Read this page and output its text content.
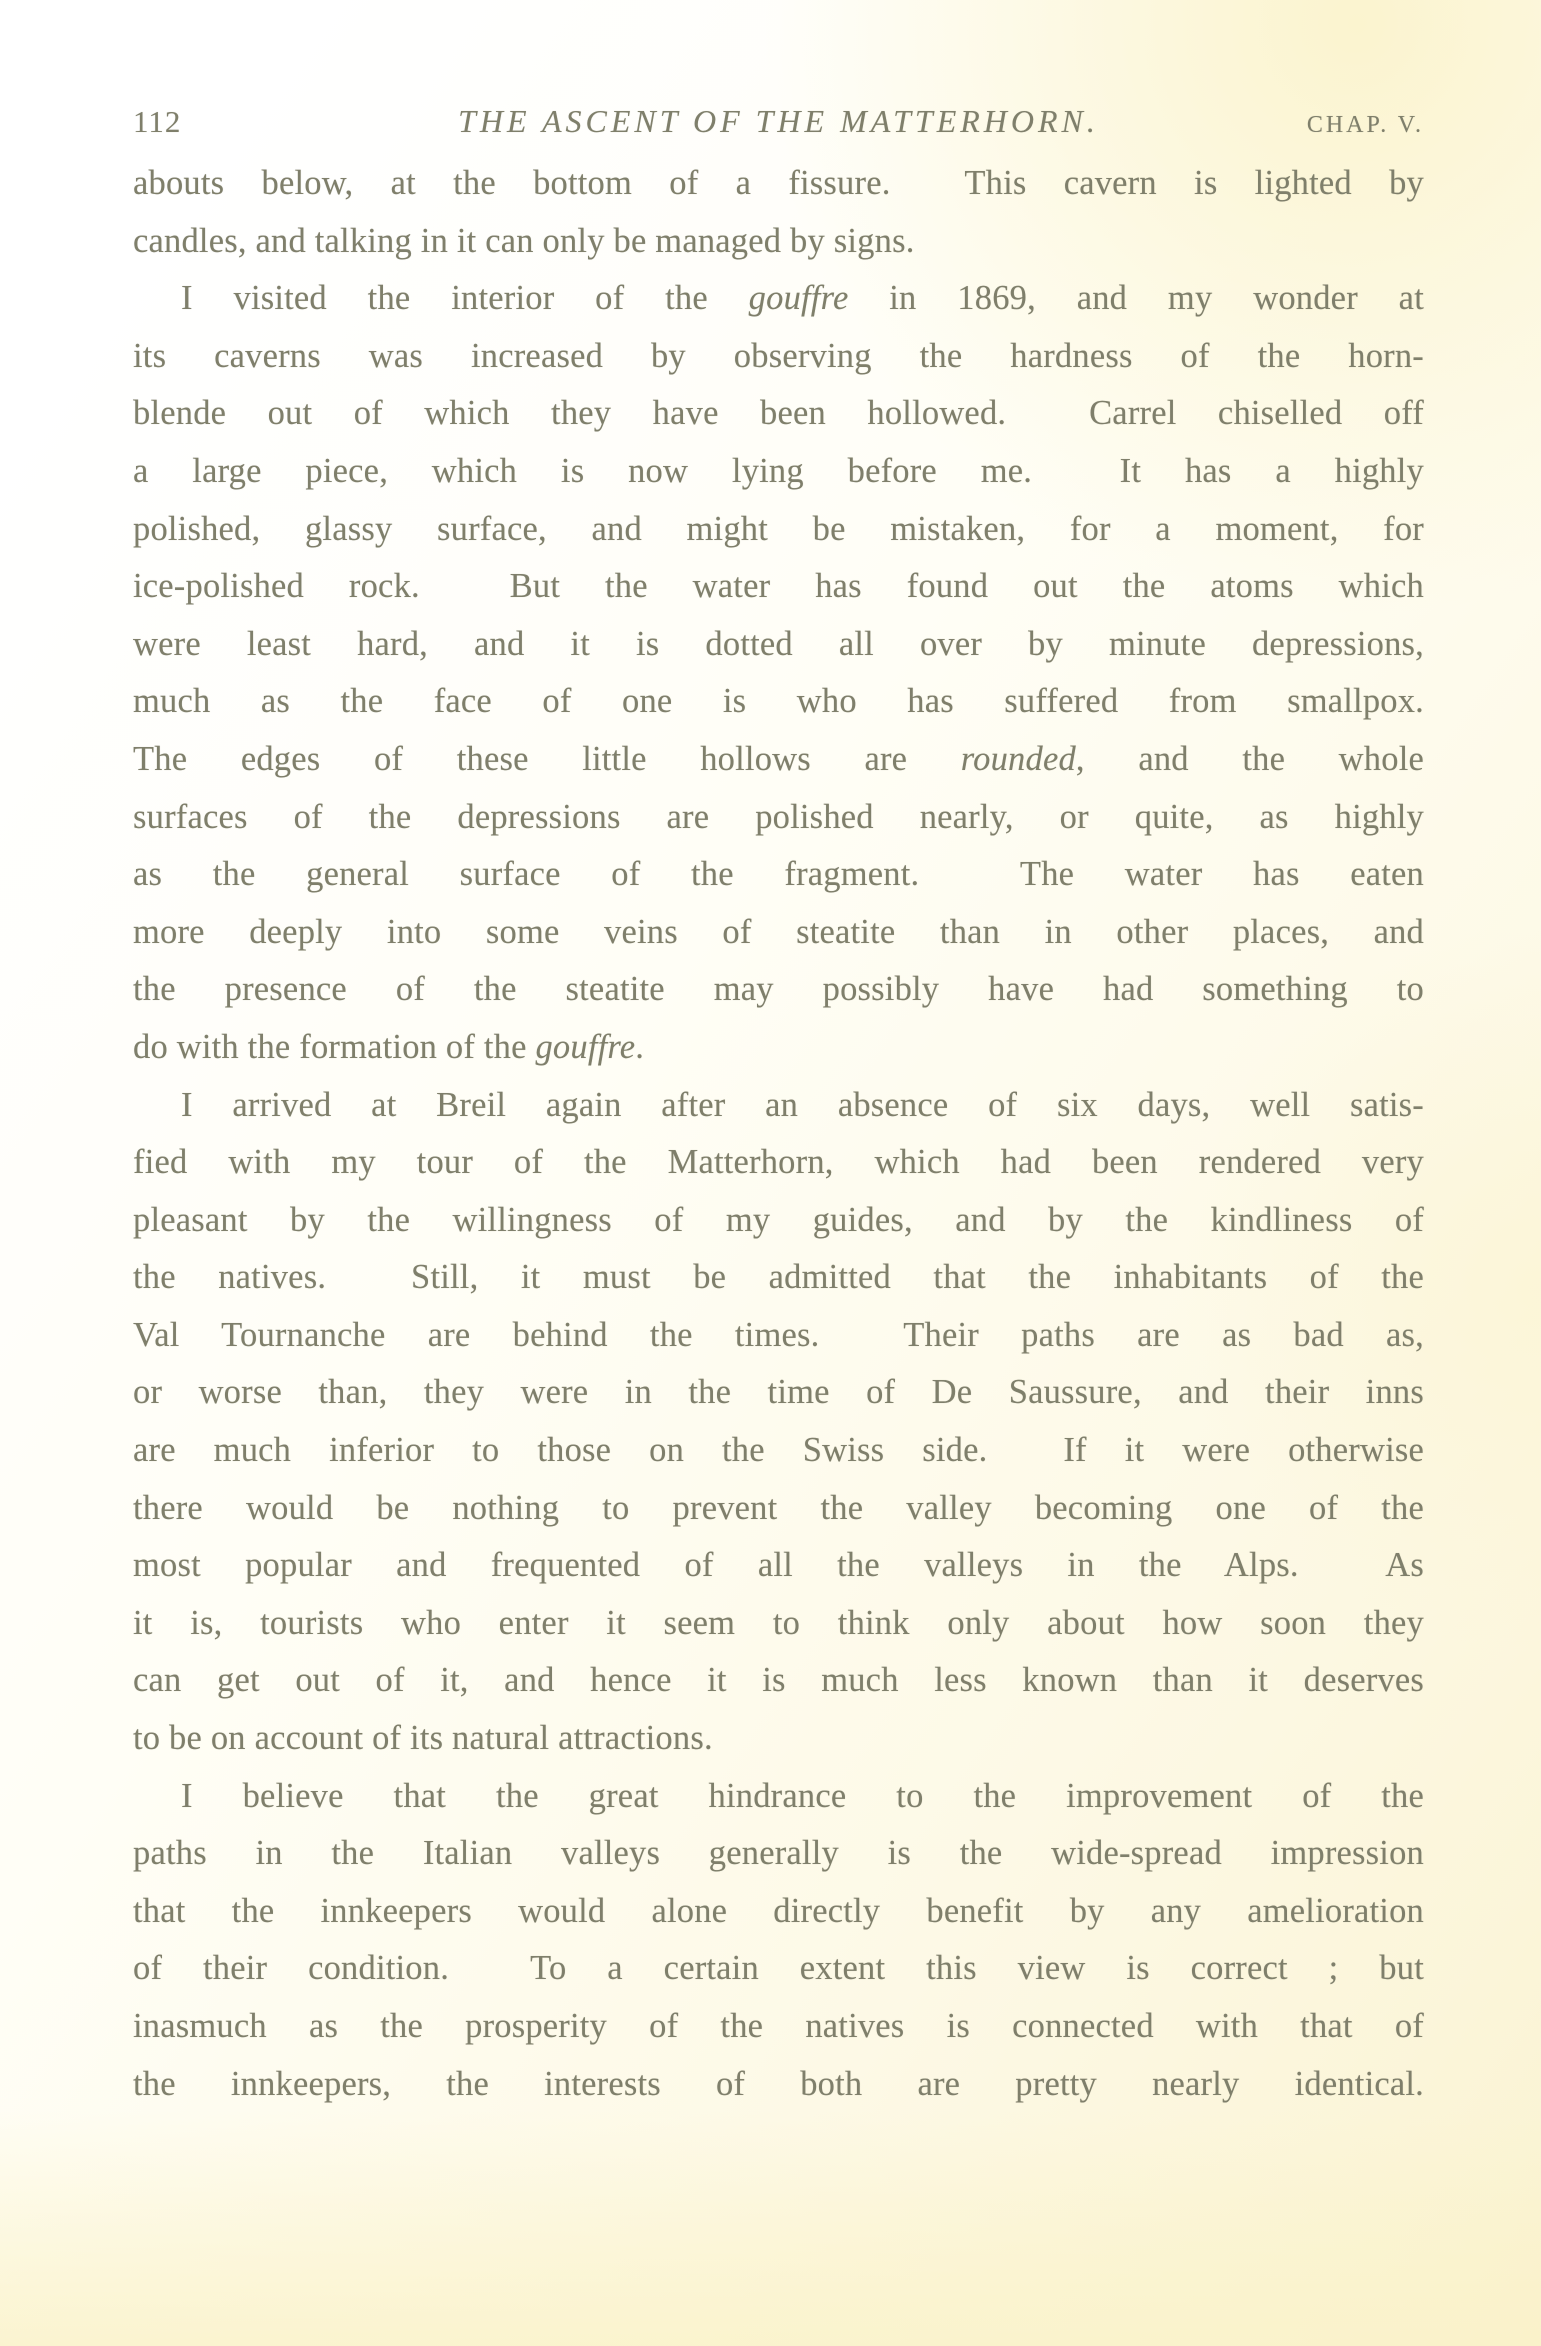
112	THE ASCENT OF THE MATTERHORN.	CHAP. V.
abouts below, at the bottom of a fissure.  This cavern is lighted by
candles, and talking in it can only be managed by signs.
I visited the interior of the gouffre in 1869, and my wonder at
its caverns was increased by observing the hardness of the horn-
blende out of which they have been hollowed.  Carrel chiselled off
a large piece, which is now lying before me.  It has a highly
polished, glassy surface, and might be mistaken, for a moment, for
ice-polished rock.  But the water has found out the atoms which
were least hard, and it is dotted all over by minute depressions,
much as the face of one is who has suffered from smallpox.
The edges of these little hollows are rounded, and the whole
surfaces of the depressions are polished nearly, or quite, as highly
as the general surface of the fragment.  The water has eaten
more deeply into some veins of steatite than in other places, and
the presence of the steatite may possibly have had something to
do with the formation of the gouffre.
I arrived at Breil again after an absence of six days, well satis-
fied with my tour of the Matterhorn, which had been rendered very
pleasant by the willingness of my guides, and by the kindliness of
the natives.  Still, it must be admitted that the inhabitants of the
Val Tournanche are behind the times.  Their paths are as bad as,
or worse than, they were in the time of De Saussure, and their inns
are much inferior to those on the Swiss side.  If it were otherwise
there would be nothing to prevent the valley becoming one of the
most popular and frequented of all the valleys in the Alps.  As
it is, tourists who enter it seem to think only about how soon they
can get out of it, and hence it is much less known than it deserves
to be on account of its natural attractions.
I believe that the great hindrance to the improvement of the
paths in the Italian valleys generally is the wide-spread impression
that the innkeepers would alone directly benefit by any amelioration
of their condition.  To a certain extent this view is correct ; but
inasmuch as the prosperity of the natives is connected with that of
the innkeepers, the interests of both are pretty nearly identical.
